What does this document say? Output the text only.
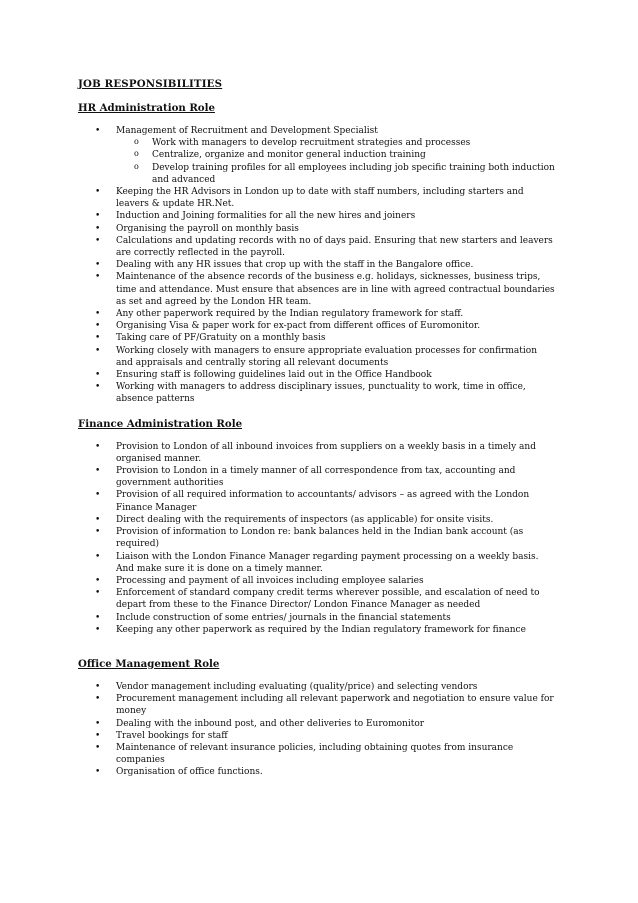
JOB RESPONSIBILITIES
HR Administration Role
• Management of Recruitment and Development Specialist
o Work with managers to develop recruitment strategies and processes
o Centralize, organize and monitor general induction training
o Develop training profiles for all employees including job specific training both induction and advanced
• Keeping the HR Advisors in London up to date with staff numbers, including starters and leavers & update HR.Net.
• Induction and Joining formalities for all the new hires and joiners
• Organising the payroll on monthly basis
• Calculations and updating records with no of days paid. Ensuring that new starters and leavers are correctly reflected in the payroll.
• Dealing with any HR issues that crop up with the staff in the Bangalore office.
• Maintenance of the absence records of the business e.g. holidays, sicknesses, business trips, time and attendance. Must ensure that absences are in line with agreed contractual boundaries as set and agreed by the London HR team.
• Any other paperwork required by the Indian regulatory framework for staff.
• Organising Visa & paper work for ex-pact from different offices of Euromonitor.
• Taking care of PF/Gratuity on a monthly basis
• Working closely with managers to ensure appropriate evaluation processes for confirmation and appraisals and centrally storing all relevant documents
• Ensuring staff is following guidelines laid out in the Office Handbook
• Working with managers to address disciplinary issues, punctuality to work, time in office, absence patterns
Finance Administration Role
• Provision to London of all inbound invoices from suppliers on a weekly basis in a timely and organised manner.
• Provision to London in a timely manner of all correspondence from tax, accounting and government authorities
• Provision of all required information to accountants/ advisors – as agreed with the London Finance Manager
• Direct dealing with the requirements of inspectors (as applicable) for onsite visits.
• Provision of information to London re: bank balances held in the Indian bank account (as required)
• Liaison with the London Finance Manager regarding payment processing on a weekly basis. And make sure it is done on a timely manner.
• Processing and payment of all invoices including employee salaries
• Enforcement of standard company credit terms wherever possible, and escalation of need to depart from these to the Finance Director/ London Finance Manager as needed
• Include construction of some entries/ journals in the financial statements
• Keeping any other paperwork as required by the Indian regulatory framework for finance
Office Management Role
• Vendor management including evaluating (quality/price) and selecting vendors
• Procurement management including all relevant paperwork and negotiation to ensure value for money
• Dealing with the inbound post, and other deliveries to Euromonitor
• Travel bookings for staff
• Maintenance of relevant insurance policies, including obtaining quotes from insurance companies
• Organisation of office functions.
